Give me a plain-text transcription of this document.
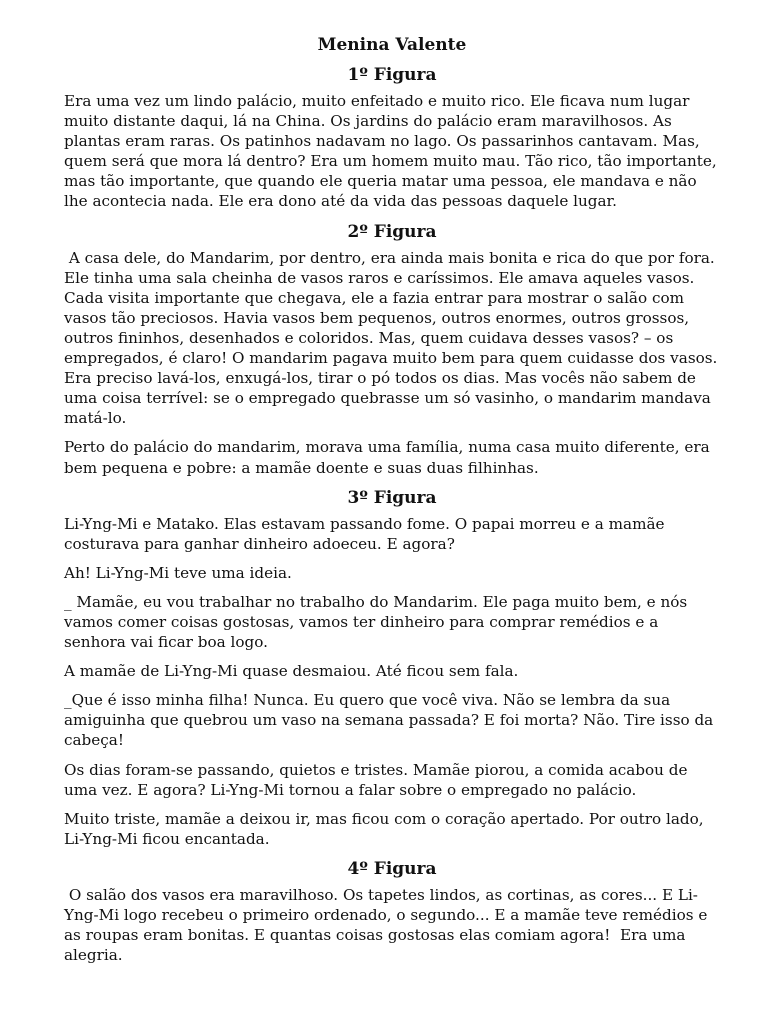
Menina Valente
1º Figura

Era uma vez um lindo palácio, muito enfeitado e muito rico. Ele ficava num lugar muito distante daqui, lá na China. Os jardins do palácio eram maravilhosos. As plantas eram raras. Os patinhos nadavam no lago. Os passarinhos cantavam. Mas, quem será que mora lá dentro? Era um homem muito mau. Tão rico, tão importante, mas tão importante, que quando ele queria matar uma pessoa, ele mandava e não lhe acontecia nada. Ele era dono até da vida das pessoas daquele lugar.

2º Figura

A casa dele, do Mandarim, por dentro, era ainda mais bonita e rica do que por fora. Ele tinha uma sala cheinha de vasos raros e caríssimos. Ele amava aqueles vasos. Cada visita importante que chegava, ele a fazia entrar para mostrar o salão com vasos tão preciosos. Havia vasos bem pequenos, outros enormes, outros grossos, outros fininhos, desenhados e coloridos. Mas, quem cuidava desses vasos? – os empregados, é claro! O mandarim pagava muito bem para quem cuidasse dos vasos. Era preciso lavá-los, enxugá-los, tirar o pó todos os dias. Mas vocês não sabem de uma coisa terrível: se o empregado quebrasse um só vasinho, o mandarim mandava matá-lo.

Perto do palácio do mandarim, morava uma família, numa casa muito diferente, era bem pequena e pobre: a mamãe doente e suas duas filhinhas.

3º Figura

Li-Yng-Mi e Matako. Elas estavam passando fome. O papai morreu e a mamãe costurava para ganhar dinheiro adoeceu. E agora?

Ah! Li-Yng-Mi teve uma ideia.

_ Mamãe, eu vou trabalhar no trabalho do Mandarim. Ele paga muito bem, e nós vamos comer coisas gostosas, vamos ter dinheiro para comprar remédios e a senhora vai ficar boa logo.

A mamãe de Li-Yng-Mi quase desmaiou. Até ficou sem fala.

_Que é isso minha filha! Nunca. Eu quero que você viva. Não se lembra da sua amiguinha que quebrou um vaso na semana passada? E foi morta? Não. Tire isso da cabeça!

Os dias foram-se passando, quietos e tristes. Mamãe piorou, a comida acabou de uma vez. E agora? Li-Yng-Mi tornou a falar sobre o empregado no palácio.

Muito triste, mamãe a deixou ir, mas ficou com o coração apertado. Por outro lado, Li-Yng-Mi ficou encantada.

4º Figura

O salão dos vasos era maravilhoso. Os tapetes lindos, as cortinas, as cores... E Li-Yng-Mi logo recebeu o primeiro ordenado, o segundo... E a mamãe teve remédios e as roupas eram bonitas. E quantas coisas gostosas elas comiam agora!  Era uma alegria.
